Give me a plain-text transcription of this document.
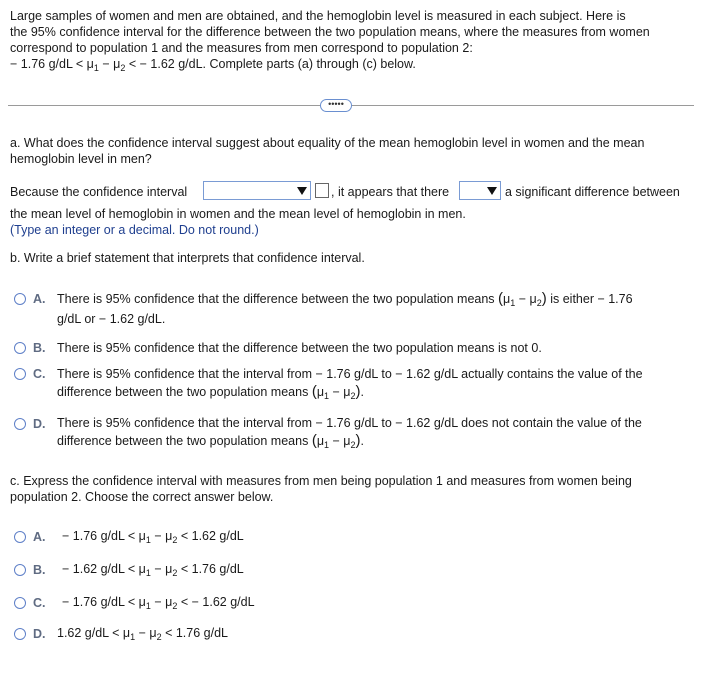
Large samples of women and men are obtained, and the hemoglobin level is measured in each subject. Here is
the 95% confidence interval for the difference between the two population means, where the measures from women
correspond to population 1 and the measures from men correspond to population 2:
− 1.76 $g/dL < \mu_1 - \mu_2$ < − 1.62 g/dL. Complete parts (a) through (c) below.
•••••
a. What does the confidence interval suggest about equality of the mean hemoglobin level in women and the mean
hemoglobin level in men?
Because the confidence interval	, it appears that there	a significant difference between
the mean level of hemoglobin in women and the mean level of hemoglobin in men.
(Type an integer or a decimal. Do not round.)
b. Write a brief statement that interprets that confidence interval.
A. There is 95% confidence that the difference between the two population means $(\mu_1 - \mu_2)$ is either − 1.76
g/dL or − 1.62 g/dL.
B. There is 95% confidence that the difference between the two population means is not 0.
C. There is 95% confidence that the interval from − 1.76 g/dL to − 1.62 g/dL actually contains the value of the
difference between the two population means $(\mu_1 - \mu_2)$.
D. There is 95% confidence that the interval from − 1.76 g/dL to − 1.62 g/dL does not contain the value of the
difference between the two population means $(\mu_1 - \mu_2)$.
c. Express the confidence interval with measures from men being population 1 and measures from women being
population 2. Choose the correct answer below.
A. − 1.76 $g/dL < \mu_1 - \mu_2 < 1.62$ g/dL
B. − 1.62 $g/dL < \mu_1 - \mu_2 < 1.76$ g/dL
C. − 1.76 $g/dL < \mu_1 - \mu_2$ < − 1.62 g/dL
D. 1.62 $g/dL < \mu_1 - \mu_2 < 1.76$ g/dL
